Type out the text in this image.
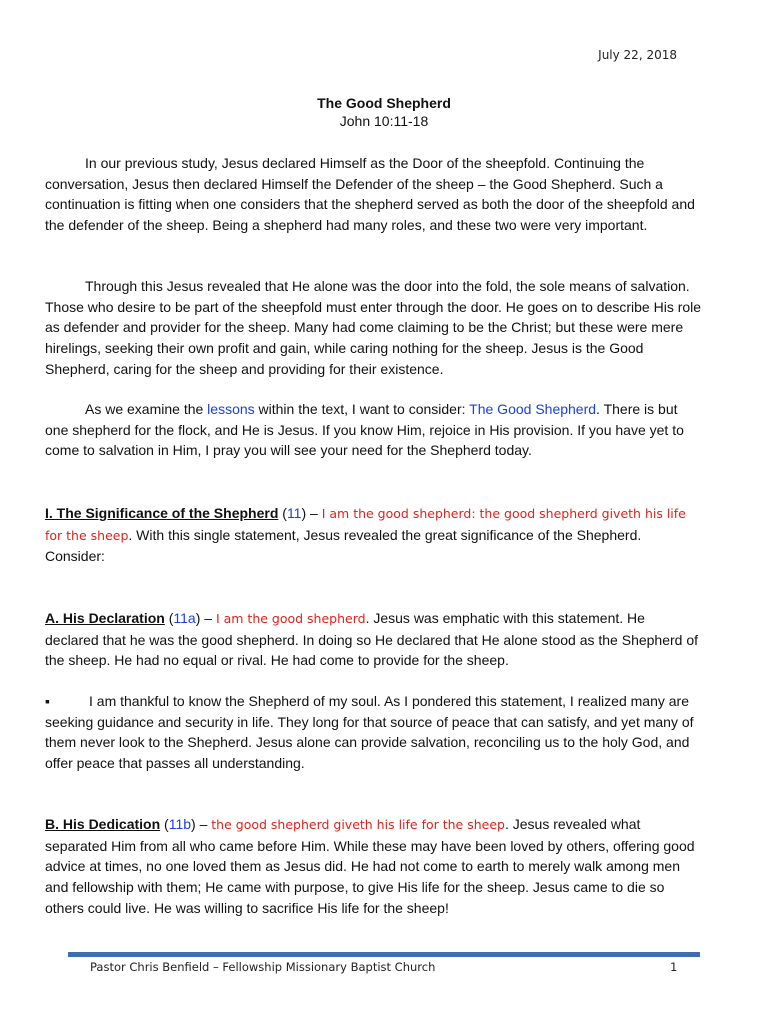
July 22, 2018
The Good Shepherd
John 10:11-18

In our previous study, Jesus declared Himself as the Door of the sheepfold. Continuing the conversation, Jesus then declared Himself the Defender of the sheep – the Good Shepherd. Such a continuation is fitting when one considers that the shepherd served as both the door of the sheepfold and the defender of the sheep. Being a shepherd had many roles, and these two were very important.

Through this Jesus revealed that He alone was the door into the fold, the sole means of salvation. Those who desire to be part of the sheepfold must enter through the door. He goes on to describe His role as defender and provider for the sheep. Many had come claiming to be the Christ; but these were mere hirelings, seeking their own profit and gain, while caring nothing for the sheep. Jesus is the Good Shepherd, caring for the sheep and providing for their existence.

As we examine the lessons within the text, I want to consider: The Good Shepherd. There is but one shepherd for the flock, and He is Jesus. If you know Him, rejoice in His provision. If you have yet to come to salvation in Him, I pray you will see your need for the Shepherd today.

I. The Significance of the Shepherd (11) – I am the good shepherd: the good shepherd giveth his life for the sheep. With this single statement, Jesus revealed the great significance of the Shepherd. Consider:

A. His Declaration (11a) – I am the good shepherd. Jesus was emphatic with this statement. He declared that he was the good shepherd. In doing so He declared that He alone stood as the Shepherd of the sheep. He had no equal or rival. He had come to provide for the sheep.

▪	I am thankful to know the Shepherd of my soul. As I pondered this statement, I realized many are seeking guidance and security in life. They long for that source of peace that can satisfy, and yet many of them never look to the Shepherd. Jesus alone can provide salvation, reconciling us to the holy God, and offer peace that passes all understanding.

B. His Dedication (11b) – the good shepherd giveth his life for the sheep. Jesus revealed what separated Him from all who came before Him. While these may have been loved by others, offering good advice at times, no one loved them as Jesus did. He had not come to earth to merely walk among men and fellowship with them; He came with purpose, to give His life for the sheep. Jesus came to die so others could live. He was willing to sacrifice His life for the sheep!

Pastor Chris Benfield – Fellowship Missionary Baptist Church	1
